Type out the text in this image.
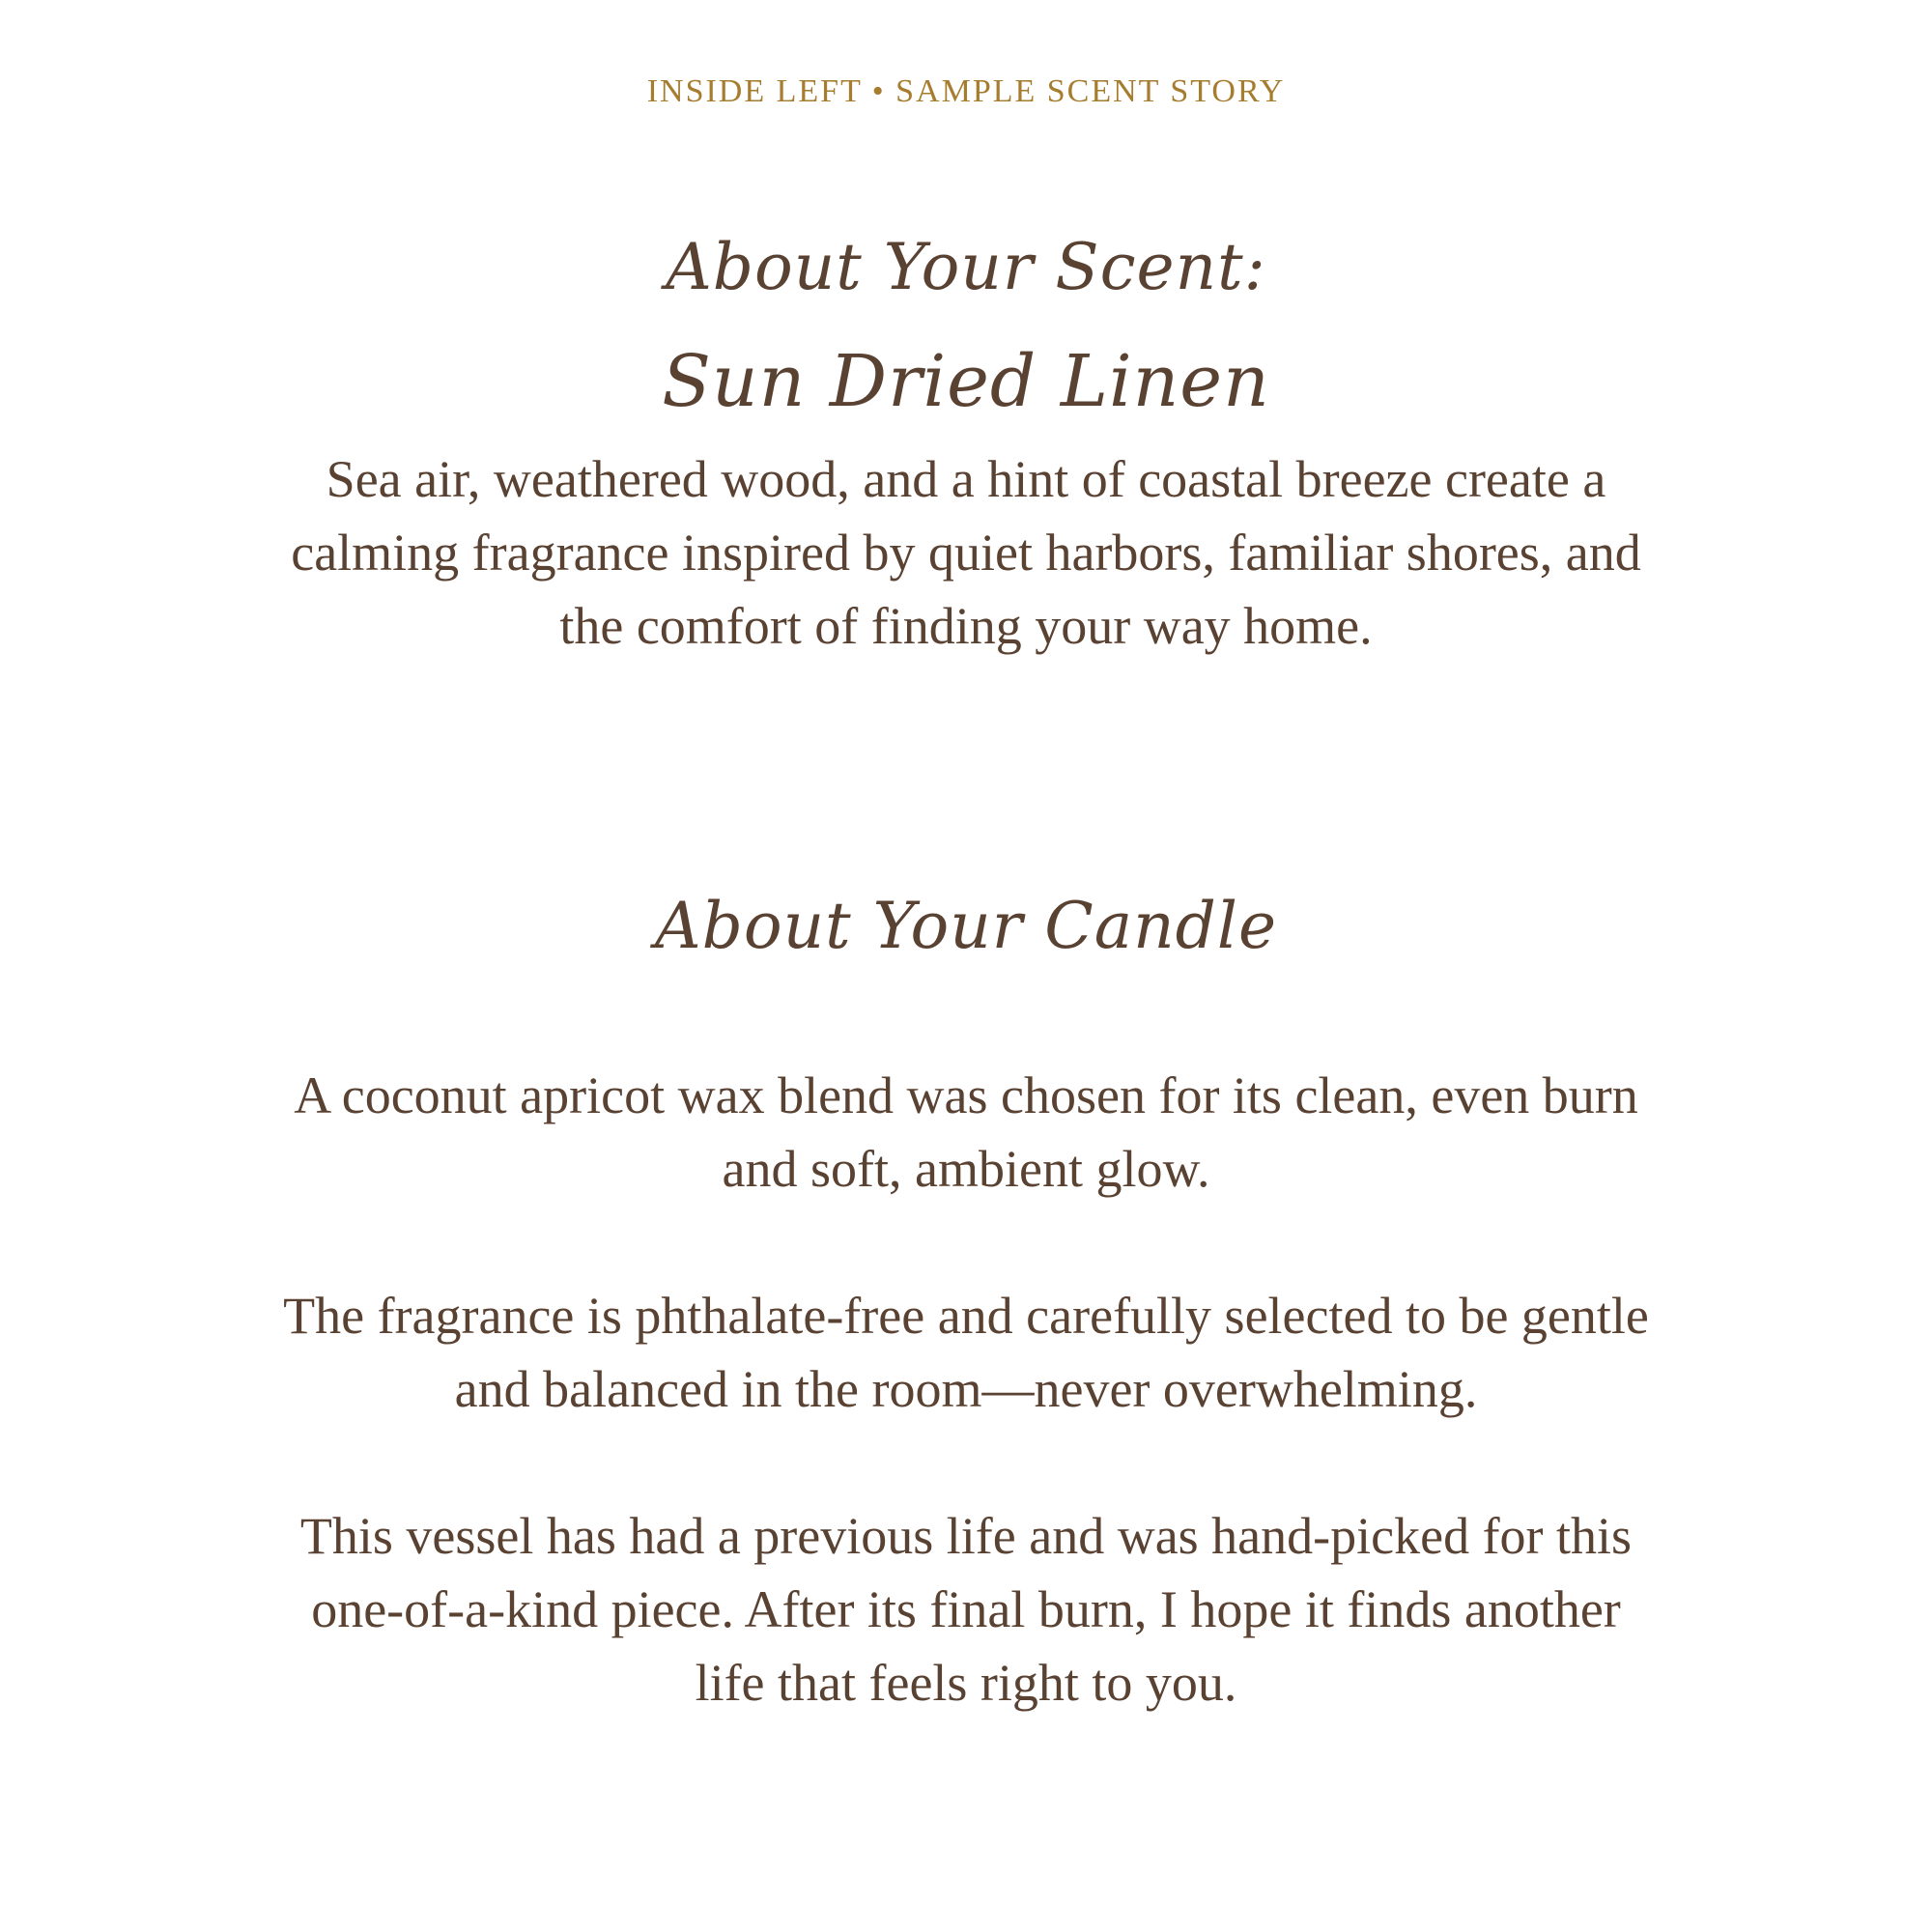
INSIDE LEFT • SAMPLE SCENT STORY
About Your Scent:
Sun Dried Linen
Sea air, weathered wood, and a hint of coastal breeze create a calming fragrance inspired by quiet harbors, familiar shores, and the comfort of finding your way home.
About Your Candle
A coconut apricot wax blend was chosen for its clean, even burn and soft, ambient glow.
The fragrance is phthalate-free and carefully selected to be gentle and balanced in the room—never overwhelming.
This vessel has had a previous life and was hand-picked for this one-of-a-kind piece. After its final burn, I hope it finds another life that feels right to you.
